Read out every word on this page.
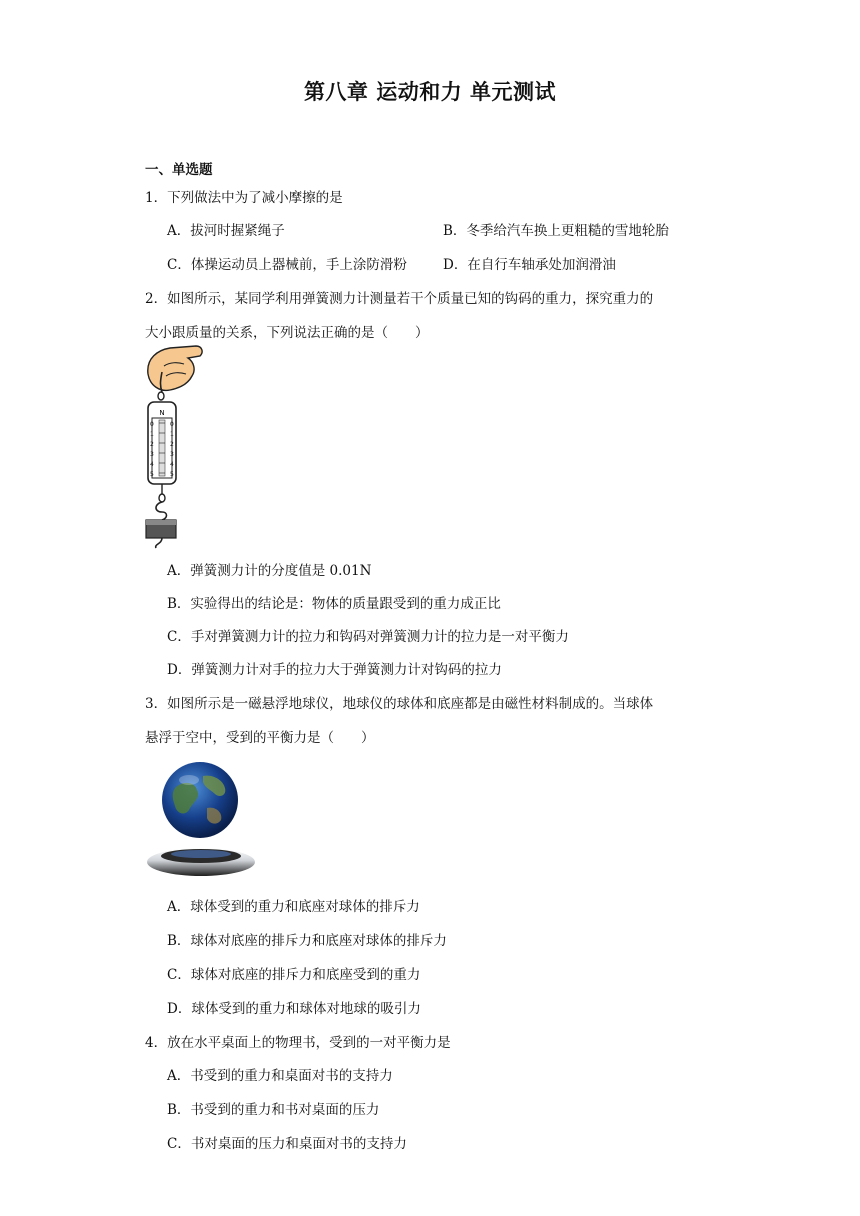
第八章 运动和力 单元测试
一、单选题
1．下列做法中为了减小摩擦的是
A．拔河时握紧绳子	B．冬季给汽车换上更粗糙的雪地轮胎
C．体操运动员上器械前，手上涂防滑粉	D．在自行车轴承处加润滑油
2．如图所示，某同学利用弹簧测力计测量若干个质量已知的钩码的重力，探究重力的
大小跟质量的关系，下列说法正确的是（　　）
N
0
1
2
3
4
5
0
1
2
3
4
5
A．弹簧测力计的分度值是 0.01N
B．实验得出的结论是：物体的质量跟受到的重力成正比
C．手对弹簧测力计的拉力和钩码对弹簧测力计的拉力是一对平衡力
D．弹簧测力计对手的拉力大于弹簧测力计对钩码的拉力
3．如图所示是一磁悬浮地球仪，地球仪的球体和底座都是由磁性材料制成的。当球体
悬浮于空中，受到的平衡力是（　　）
A．球体受到的重力和底座对球体的排斥力
B．球体对底座的排斥力和底座对球体的排斥力
C．球体对底座的排斥力和底座受到的重力
D．球体受到的重力和球体对地球的吸引力
4．放在水平桌面上的物理书，受到的一对平衡力是
A．书受到的重力和桌面对书的支持力
B．书受到的重力和书对桌面的压力
C．书对桌面的压力和桌面对书的支持力
